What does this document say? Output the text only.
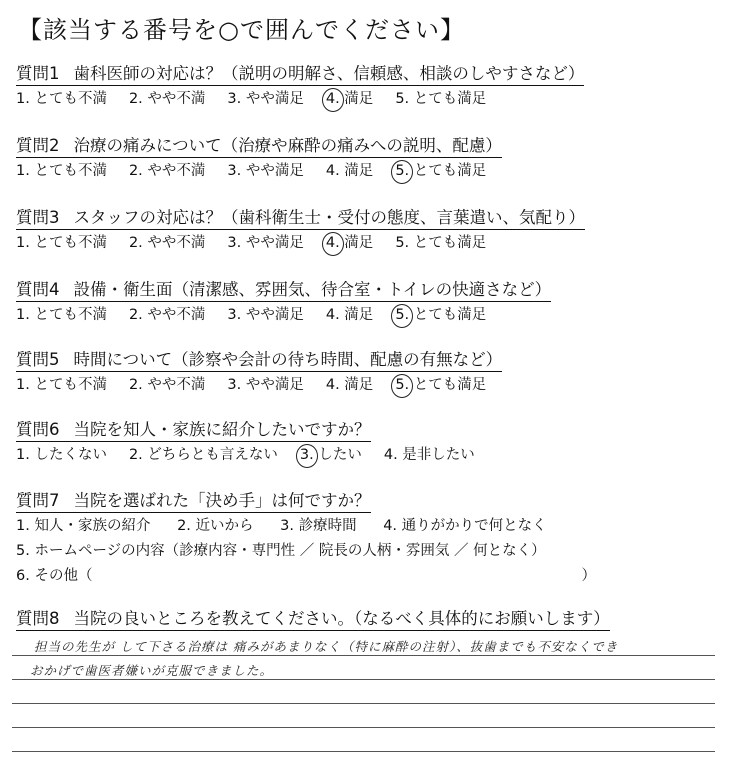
【該当する番号を○で囲んでください】
質問1 歯科医師の対応は？（説明の明解さ、信頼感、相談のしやすさなど）
1. とても不満 2. やや不満 3. やや満足 4. 満足 5. とても満足
質問2 治療の痛みについて（治療や麻酔の痛みへの説明、配慮）
1. とても不満 2. やや不満 3. やや満足 4. 満足 5. とても満足
質問3 スタッフの対応は？（歯科衛生士・受付の態度、言葉遣い、気配り）
1. とても不満 2. やや不満 3. やや満足 4. 満足 5. とても満足
質問4 設備・衛生面（清潔感、雰囲気、待合室・トイレの快適さなど）
1. とても不満 2. やや不満 3. やや満足 4. 満足 5. とても満足
質問5 時間について（診察や会計の待ち時間、配慮の有無など）
1. とても不満 2. やや不満 3. やや満足 4. 満足 5. とても満足
質問6 当院を知人・家族に紹介したいですか？
1. したくない 2. どちらとも言えない 3. したい 4. 是非したい
質問7 当院を選ばれた「決め手」は何ですか？
1. 知人・家族の紹介 2. 近いから 3. 診療時間 4. 通りがかりで何となく
5. ホームページの内容（診療内容・専門性 ／ 院長の人柄・雰囲気 ／ 何となく）
6. その他（	）
質問8 当院の良いところを教えてください。（なるべく具体的にお願いします）
担当の先生が して下さる治療は 痛みがあまりなく（特に麻酔の注射）、抜歯までも不安なくでき
おかげで歯医者嫌いが克服できました。
